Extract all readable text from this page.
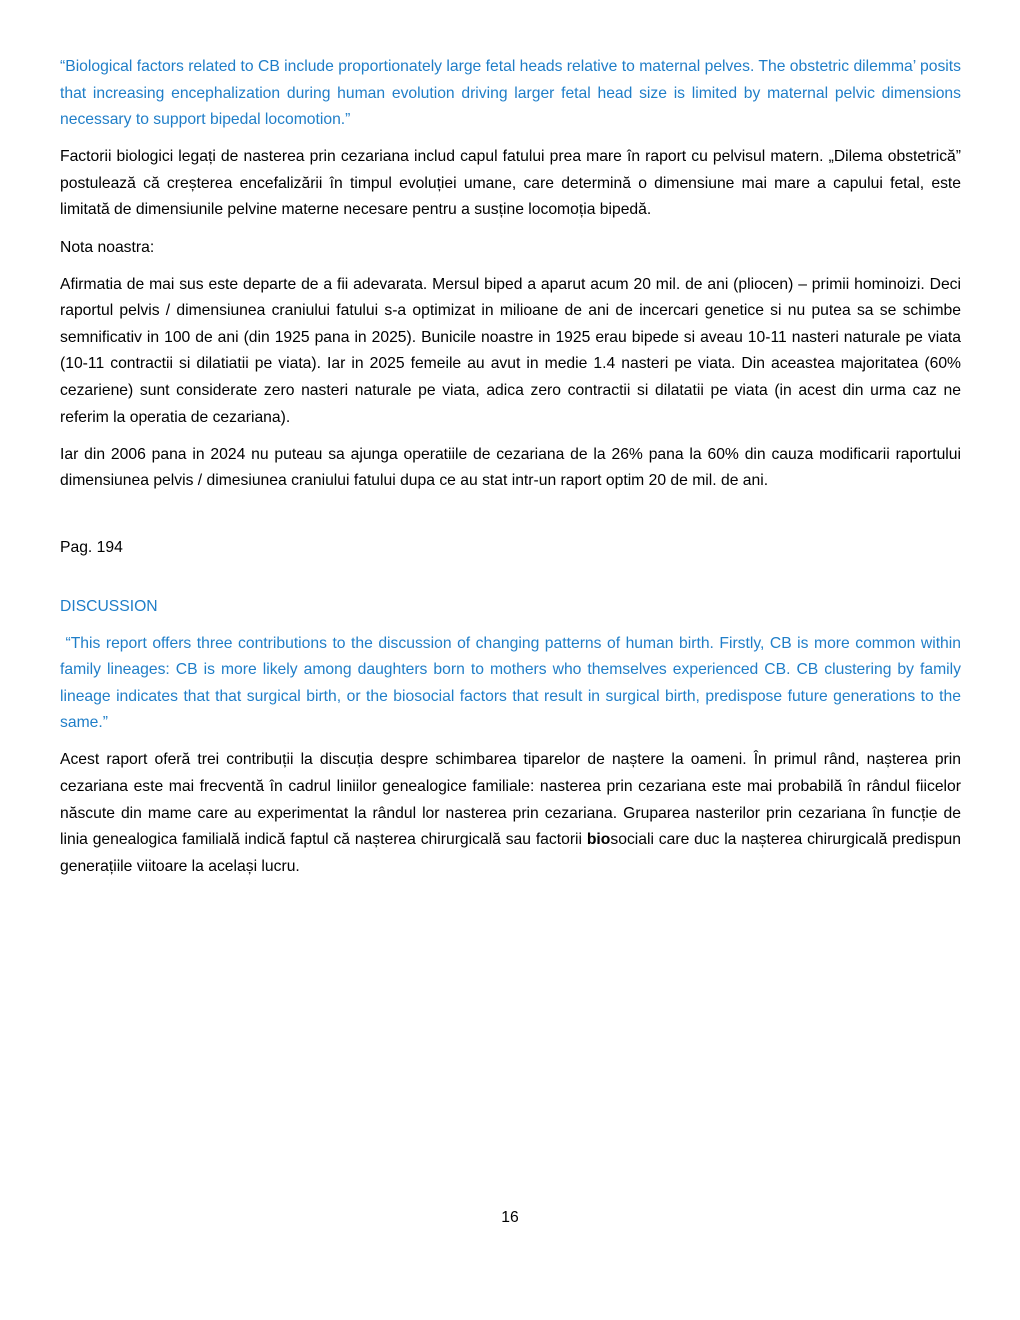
“Biological factors related to CB include proportionately large fetal heads relative to maternal pelves. The obstetric dilemma’ posits that increasing encephalization during human evolution driving larger fetal head size is limited by maternal pelvic dimensions necessary to support bipedal locomotion.”

Factorii biologici legați de nasterea prin cezariana includ capul fatului prea mare în raport cu pelvisul matern. „Dilema obstetrică” postulează că creșterea encefalizării în timpul evoluției umane, care determină o dimensiune mai mare a capului fetal, este limitată de dimensiunile pelvine materne necesare pentru a susține locomoția bipedă.

Nota noastra:

Afirmatia de mai sus este departe de a fii adevarata. Mersul biped a aparut acum 20 mil. de ani (pliocen) – primii hominoizi. Deci raportul pelvis / dimensiunea craniului fatului s-a optimizat in milioane de ani de incercari genetice si nu putea sa se schimbe semnificativ in 100 de ani (din 1925 pana in 2025). Bunicile noastre in 1925 erau bipede si aveau 10-11 nasteri naturale pe viata (10-11 contractii si dilatiatii pe viata). Iar in 2025 femeile au avut in medie 1.4 nasteri pe viata. Din aceastea majoritatea (60% cezariene) sunt considerate zero nasteri naturale pe viata, adica zero contractii si dilatatii pe viata (in acest din urma caz ne referim la operatia de cezariana).

Iar din 2006 pana in 2024 nu puteau sa ajunga operatiile de cezariana de la 26% pana la 60% din cauza modificarii raportului dimensiunea pelvis / dimesiunea craniului fatului dupa ce au stat intr-un raport optim 20 de mil. de ani.

Pag. 194

DISCUSSION

“This report offers three contributions to the discussion of changing patterns of human birth. Firstly, CB is more common within family lineages: CB is more likely among daughters born to mothers who themselves experienced CB. CB clustering by family lineage indicates that that surgical birth, or the biosocial factors that result in surgical birth, predispose future generations to the same.”

Acest raport oferă trei contribuții la discuția despre schimbarea tiparelor de naștere la oameni. În primul rând, nașterea prin cezariana este mai frecventă în cadrul liniilor genealogice familiale: nasterea prin cezariana este mai probabilă în rândul fiicelor născute din mame care au experimentat la rândul lor nasterea prin cezariana. Gruparea nasterilor prin cezariana în funcție de linia genealogica familială indică faptul că nașterea chirurgicală sau factorii biosociali care duc la nașterea chirurgicală predispun generațiile viitoare la același lucru.

16
